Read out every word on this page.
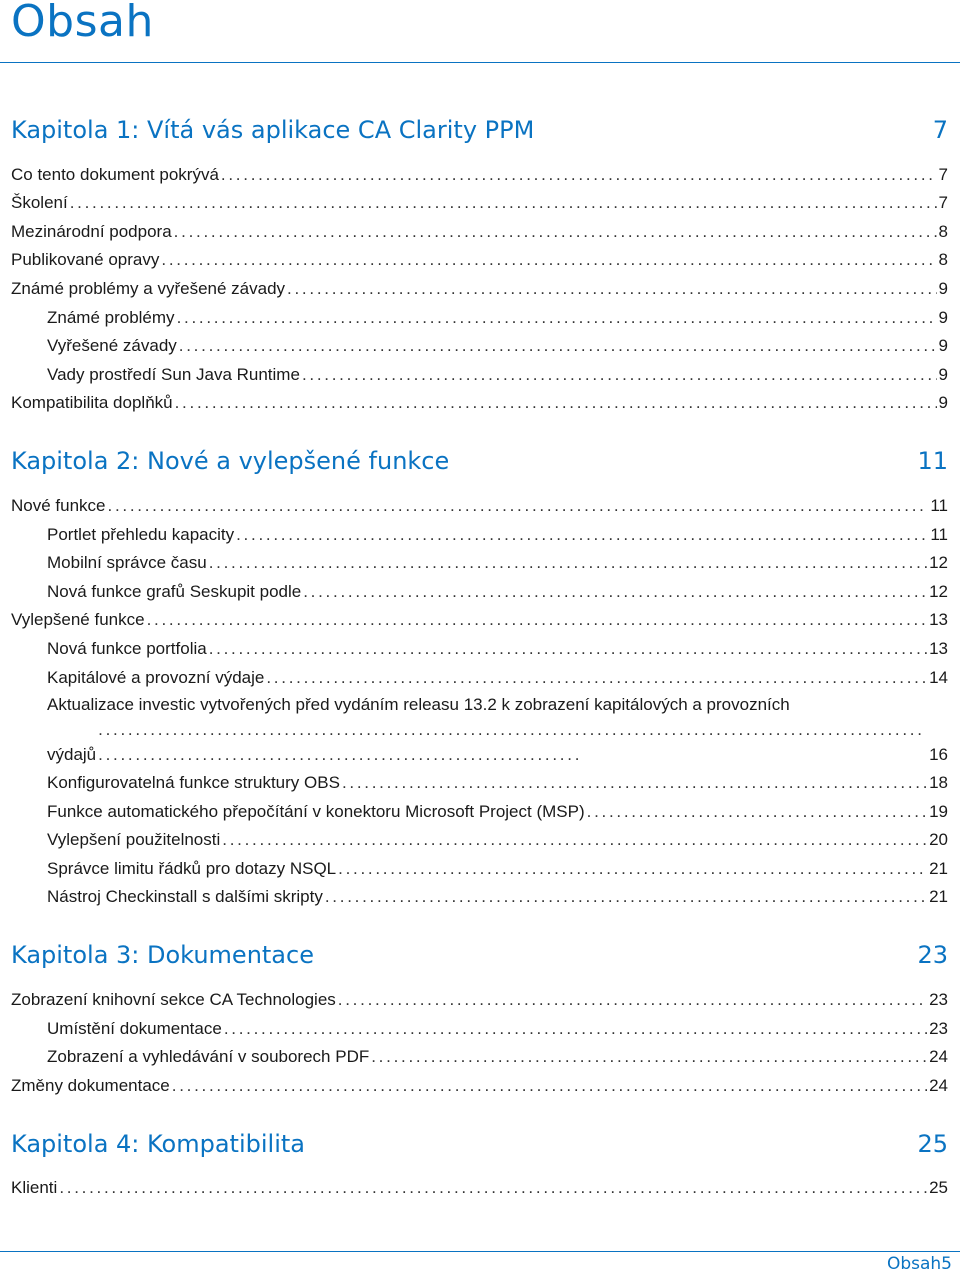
Obsah
Kapitola 1: Vítá vás aplikace CA Clarity PPM	7
Co tento dokument pokrývá . . .	7
Školení . . .	7
Mezinárodní podpora . . .	8
Publikované opravy . . .	8
Známé problémy a vyřešené závady . . .	9
Známé problémy . . .	9
Vyřešené závady . . .	9
Vady prostředí Sun Java Runtime . . .	9
Kompatibilita doplňků . . .	9
Kapitola 2: Nové a vylepšené funkce	11
Nové funkce . . .	11
Portlet přehledu kapacity . . .	11
Mobilní správce času . . .	12
Nová funkce grafů Seskupit podle . . .	12
Vylepšené funkce . . .	13
Nová funkce portfolia . . .	13
Kapitálové a provozní výdaje . . .	14
Aktualizace investic vytvořených před vydáním releasu 13.2 k zobrazení kapitálových a provozních
výdajů . . .	16
Konfigurovatelná funkce struktury OBS . . .	18
Funkce automatického přepočítání v konektoru Microsoft Project (MSP) . . .	19
Vylepšení použitelnosti . . .	20
Správce limitu řádků pro dotazy NSQL . . .	21
Nástroj Checkinstall s dalšími skripty . . .	21
Kapitola 3: Dokumentace	23
Zobrazení knihovní sekce CA Technologies . . .	23
Umístění dokumentace . . .	23
Zobrazení a vyhledávání v souborech PDF . . .	24
Změny dokumentace . . .	24
Kapitola 4: Kompatibilita	25
Klienti . . .	25
Obsah5
